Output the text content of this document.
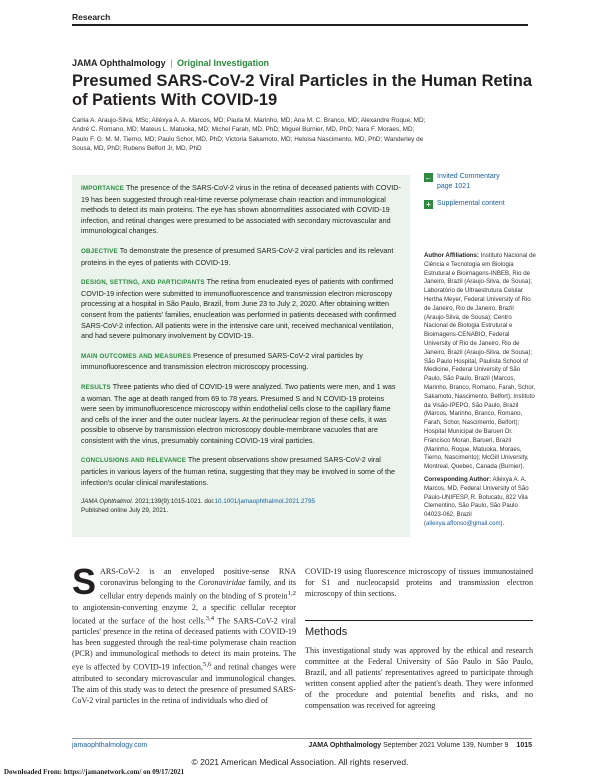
Research
JAMA Ophthalmology | Original Investigation
Presumed SARS-CoV-2 Viral Particles in the Human Retina of Patients With COVID-19
Carlia A. Araujo-Silva, MSc; Alléxya A. A. Marcos, MD; Paula M. Marinho, MD; Ana M. C. Branco, MD; Alexandre Roque, MD; André C. Romano, MD; Mateus L. Matuoka, MD; Michel Farah, MD, PhD; Miguel Burnier, MD, PhD; Nara F. Moraes, MD; Paulo F. G. M. M. Tierno, MD; Paulo Schor, MD, PhD; Victoria Sakamoto, MD; Heloisa Nascimento, MD, PhD; Wanderley de Sousa, MD, PhD; Rubens Belfort Jr, MD, PhD
← Invited Commentary
page 1021
+ Supplemental content

IMPORTANCE The presence of the SARS-CoV-2 virus in the retina of deceased patients with COVID-19 has been suggested through real-time reverse polymerase chain reaction and immunological methods to detect its main proteins. The eye has shown abnormalities associated with COVID-19 infection, and retinal changes were presumed to be associated with secondary microvascular and immunological changes.

OBJECTIVE To demonstrate the presence of presumed SARS-CoV-2 viral particles and its relevant proteins in the eyes of patients with COVID-19.

DESIGN, SETTING, AND PARTICIPANTS The retina from enucleated eyes of patients with confirmed COVID-19 infection were submitted to immunofluorescence and transmission electron microscopy processing at a hospital in São Paulo, Brazil, from June 23 to July 2, 2020. After obtaining written consent from the patients' families, enucleation was performed in patients deceased with confirmed SARS-CoV-2 infection. All patients were in the intensive care unit, received mechanical ventilation, and had severe pulmonary involvement by COVID-19.

MAIN OUTCOMES AND MEASURES Presence of presumed SARS-CoV-2 viral particles by immunofluorescence and transmission electron microscopy processing.

RESULTS Three patients who died of COVID-19 were analyzed. Two patients were men, and 1 was a woman. The age at death ranged from 69 to 78 years. Presumed S and N COVID-19 proteins were seen by immunofluorescence microscopy within endothelial cells close to the capillary flame and cells of the inner and the outer nuclear layers. At the perinuclear region of these cells, it was possible to observe by transmission electron microscopy double-membrane vacuoles that are consistent with the virus, presumably containing COVID-19 viral particles.

CONCLUSIONS AND RELEVANCE The present observations show presumed SARS-CoV-2 viral particles in various layers of the human retina, suggesting that they may be involved in some of the infection's ocular clinical manifestations.

JAMA Ophthalmol. 2021;139(9):1015-1021. doi:10.1001/jamaophthalmol.2021.2795
Published online July 29, 2021.
Author Affiliations: Instituto Nacional de Ciência e Tecnologia em Biologia Estrutural e Bioimagens-INBEB, Rio de Janeiro, Brazil (Araujo-Silva, de Sousa); Laboratório de Ultraestrutura Celular Hertha Meyer, Federal University of Rio de Janeiro, Rio de Janeiro, Brazil (Araujo-Silva, de Sousa); Centro Nacional de Biologia Estrutural e Bioimagens-CENABIO, Federal University of Rio de Janeiro, Rio de Janeiro, Brazil (Araujo-Silva, de Sousa); São Paulo Hospital, Paulista School of Medicine, Federal University of São Paulo, São Paulo, Brazil (Marcos, Marinho, Branco, Romano, Farah, Schor, Sakamoto, Nascimento, Belfort); Instituto da Visão-IPEPO, São Paulo, Brazil (Marcos, Marinho, Branco, Romano, Farah, Schor, Nascimento, Belfort); Hospital Municipal de Barueri Dr. Francisco Moran, Barueri, Brazil (Marinho, Roque, Matuoka, Moraes, Tierno, Nascimento); McGill University, Montreal, Quebec, Canada (Burnier).
Corresponding Author: Alléxya A. A. Marcos, MD, Federal University of São Paulo-UNIFESP, R. Botucatu, 822 Vila Clementino, São Paulo, São Paulo 04023-062, Brazil (allexya.affonso@gmail.com).
SARS-CoV-2 is an enveloped positive-sense RNA coronavirus belonging to the Coronaviridae family, and its cellular entry depends mainly on the binding of S protein$^{1,2}$ to angiotensin-converting enzyme 2, a specific cellular receptor located at the surface of the host cells.$^{3,4}$ The SARS-CoV-2 viral particles' presence in the retina of deceased patients with COVID-19 has been suggested through the real-time polymerase chain reaction (PCR) and immunological methods to detect its main proteins. The eye is affected by COVID-19 infection,$^{5,6}$ and retinal changes were attributed to secondary microvascular and immunological changes. The aim of this study was to detect the presence of presumed SARS-CoV-2 viral particles in the retina of individuals who died of
COVID-19 using fluorescence microscopy of tissues immunostained for S1 and nucleocapsid proteins and transmission electron microscopy of thin sections.
Methods
This investigational study was approved by the ethical and research committee at the Federal University of São Paulo in São Paulo, Brazil, and all patients' representatives agreed to participate through written consent applied after the patient's death. They were informed of the procedure and potential benefits and risks, and no compensation was received for agreeing
jamaophthalmology.com	JAMA Ophthalmology September 2021 Volume 139, Number 9 1015
© 2021 American Medical Association. All rights reserved.
Downloaded From: https://jamanetwork.com/ on 09/17/2021
